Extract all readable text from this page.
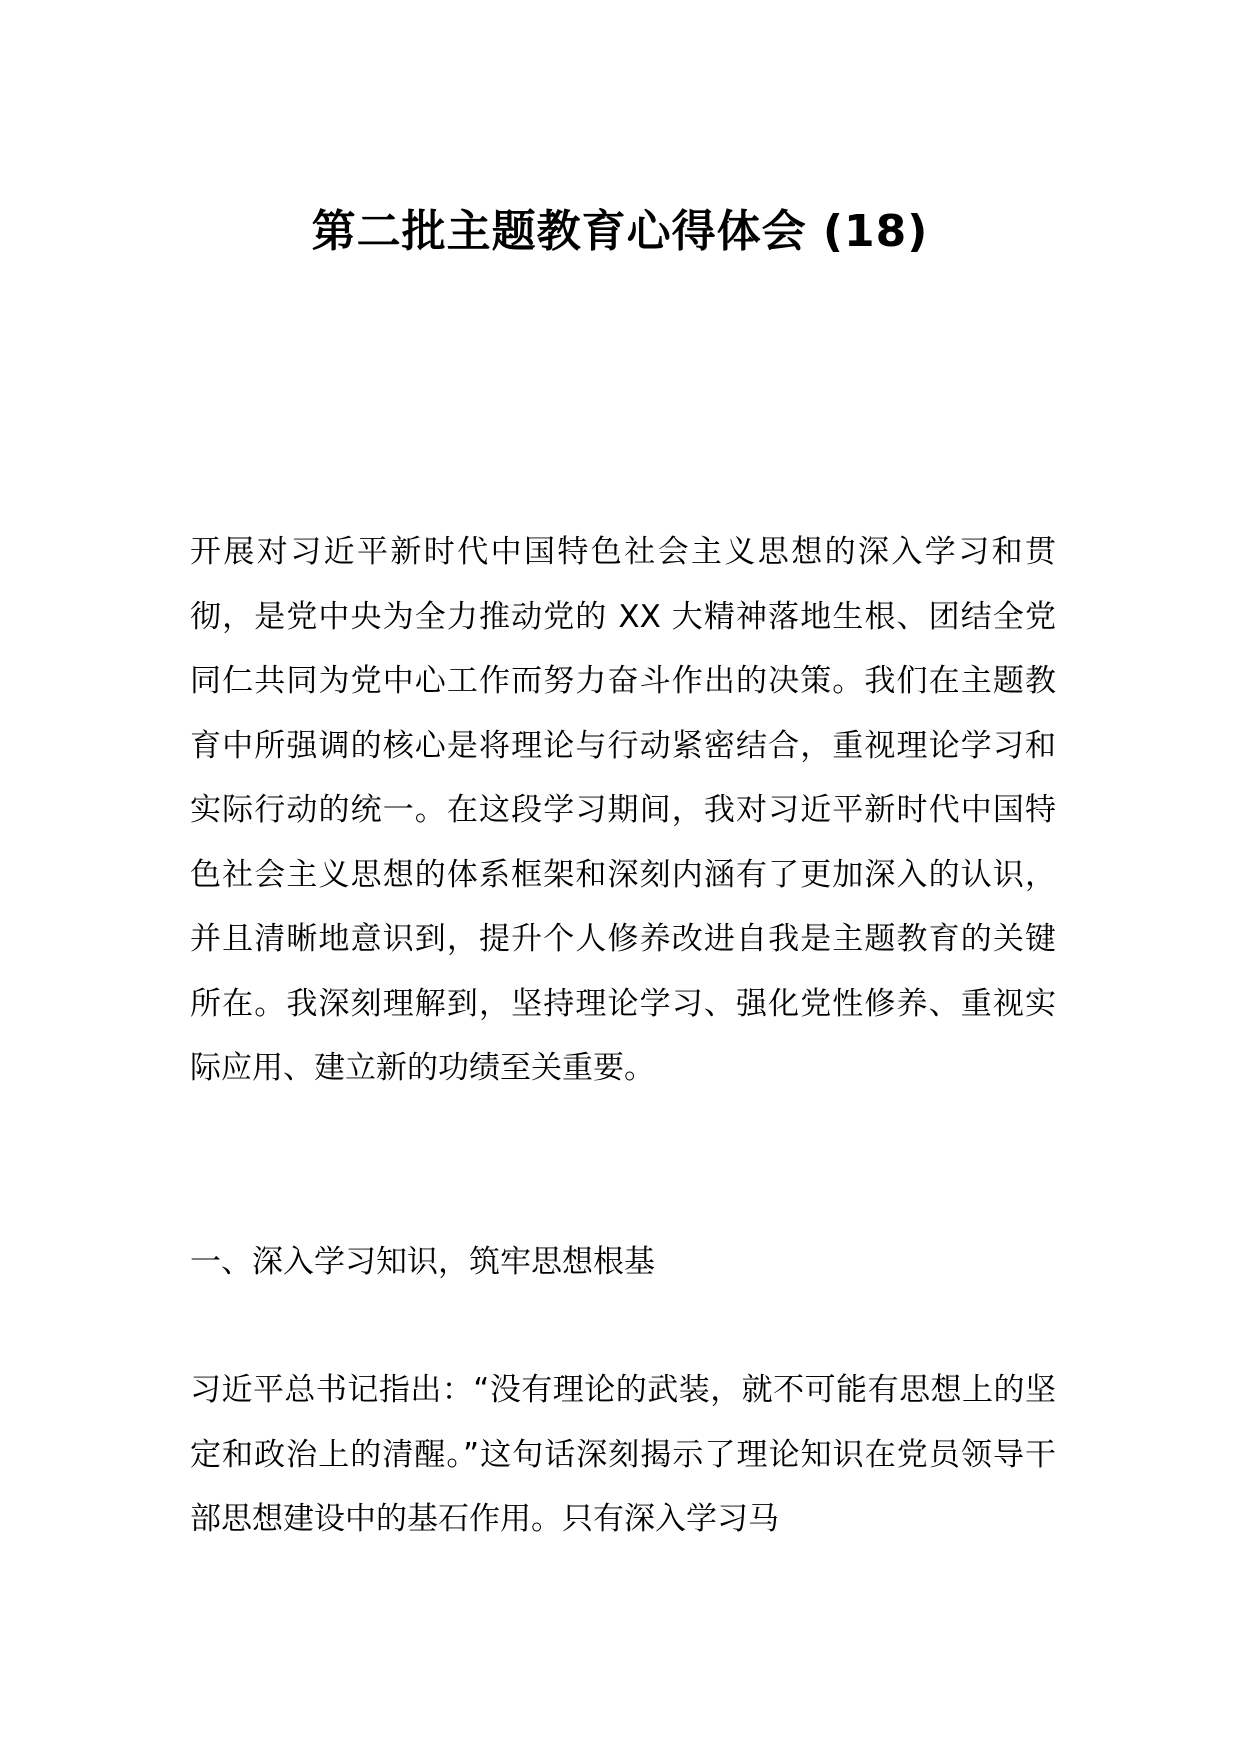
第二批主题教育心得体会 (18)

开展对习近平新时代中国特色社会主义思想的深入学习和贯彻，是党中央为全力推动党的 XX 大精神落地生根、团结全党同仁共同为党中心工作而努力奋斗作出的决策。我们在主题教育中所强调的核心是将理论与行动紧密结合，重视理论学习和实际行动的统一。在这段学习期间，我对习近平新时代中国特色社会主义思想的体系框架和深刻内涵有了更加深入的认识，并且清晰地意识到，提升个人修养改进自我是主题教育的关键所在。我深刻理解到，坚持理论学习、强化党性修养、重视实际应用、建立新的功绩至关重要。

一、深入学习知识，筑牢思想根基

习近平总书记指出：“没有理论的武装，就不可能有思想上的坚定和政治上的清醒。”这句话深刻揭示了理论知识在党员领导干部思想建设中的基石作用。只有深入学习马
